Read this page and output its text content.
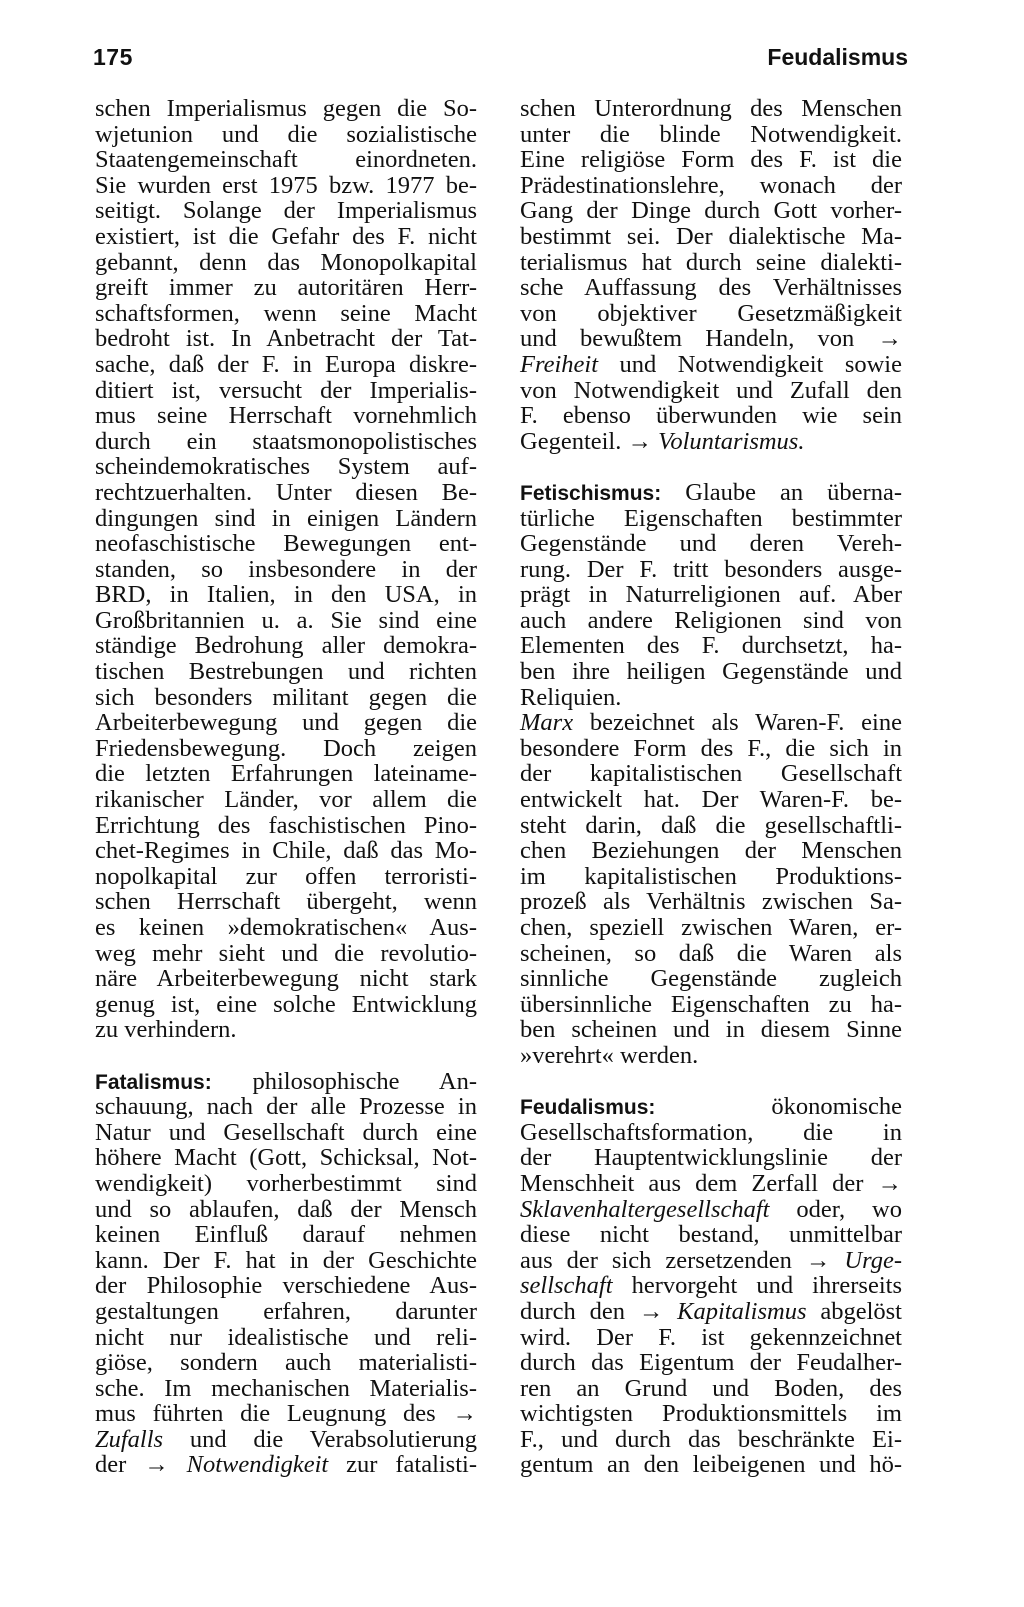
175	Feudalismus
schen Imperialismus gegen die So-
wjetunion und die sozialistische
Staatengemeinschaft einordneten.
Sie wurden erst 1975 bzw. 1977 be-
seitigt. Solange der Imperialismus
existiert, ist die Gefahr des F. nicht
gebannt, denn das Monopolkapital
greift immer zu autoritären Herr-
schaftsformen, wenn seine Macht
bedroht ist. In Anbetracht der Tat-
sache, daß der F. in Europa diskre-
ditiert ist, versucht der Imperialis-
mus seine Herrschaft vornehmlich
durch ein staatsmonopolistisches
scheindemokratisches System auf-
rechtzuerhalten. Unter diesen Be-
dingungen sind in einigen Ländern
neofaschistische Bewegungen ent-
standen, so insbesondere in der
BRD, in Italien, in den USA, in
Großbritannien u. a. Sie sind eine
ständige Bedrohung aller demokra-
tischen Bestrebungen und richten
sich besonders militant gegen die
Arbeiterbewegung und gegen die
Friedensbewegung. Doch zeigen
die letzten Erfahrungen lateiname-
rikanischer Länder, vor allem die
Errichtung des faschistischen Pino-
chet-Regimes in Chile, daß das Mo-
nopolkapital zur offen terroristi-
schen Herrschaft übergeht, wenn
es keinen »demokratischen« Aus-
weg mehr sieht und die revolutio-
näre Arbeiterbewegung nicht stark
genug ist, eine solche Entwicklung
zu verhindern.
Fatalismus: philosophische An-
schauung, nach der alle Prozesse in
Natur und Gesellschaft durch eine
höhere Macht (Gott, Schicksal, Not-
wendigkeit) vorherbestimmt sind
und so ablaufen, daß der Mensch
keinen Einfluß darauf nehmen
kann. Der F. hat in der Geschichte
der Philosophie verschiedene Aus-
gestaltungen erfahren, darunter
nicht nur idealistische und reli-
giöse, sondern auch materialisti-
sche. Im mechanischen Materialis-
mus führten die Leugnung des →
Zufalls und die Verabsolutierung
der → Notwendigkeit zur fatalisti-
schen Unterordnung des Menschen
unter die blinde Notwendigkeit.
Eine religiöse Form des F. ist die
Prädestinationslehre, wonach der
Gang der Dinge durch Gott vorher-
bestimmt sei. Der dialektische Ma-
terialismus hat durch seine dialekti-
sche Auffassung des Verhältnisses
von objektiver Gesetzmäßigkeit
und bewußtem Handeln, von →
Freiheit und Notwendigkeit sowie
von Notwendigkeit und Zufall den
F. ebenso überwunden wie sein
Gegenteil. → Voluntarismus.
Fetischismus: Glaube an überna-
türliche Eigenschaften bestimmter
Gegenstände und deren Vereh-
rung. Der F. tritt besonders ausge-
prägt in Naturreligionen auf. Aber
auch andere Religionen sind von
Elementen des F. durchsetzt, ha-
ben ihre heiligen Gegenstände und
Reliquien.
Marx bezeichnet als Waren-F. eine
besondere Form des F., die sich in
der kapitalistischen Gesellschaft
entwickelt hat. Der Waren-F. be-
steht darin, daß die gesellschaftli-
chen Beziehungen der Menschen
im kapitalistischen Produktions-
prozeß als Verhältnis zwischen Sa-
chen, speziell zwischen Waren, er-
scheinen, so daß die Waren als
sinnliche Gegenstände zugleich
übersinnliche Eigenschaften zu ha-
ben scheinen und in diesem Sinne
»verehrt« werden.
Feudalismus: ökonomische
Gesellschaftsformation, die in
der Hauptentwicklungslinie der
Menschheit aus dem Zerfall der →
Sklavenhaltergesellschaft oder, wo
diese nicht bestand, unmittelbar
aus der sich zersetzenden → Urge-
sellschaft hervorgeht und ihrerseits
durch den → Kapitalismus abgelöst
wird. Der F. ist gekennzeichnet
durch das Eigentum der Feudalher-
ren an Grund und Boden, des
wichtigsten Produktionsmittels im
F., und durch das beschränkte Ei-
gentum an den leibeigenen und hö-
